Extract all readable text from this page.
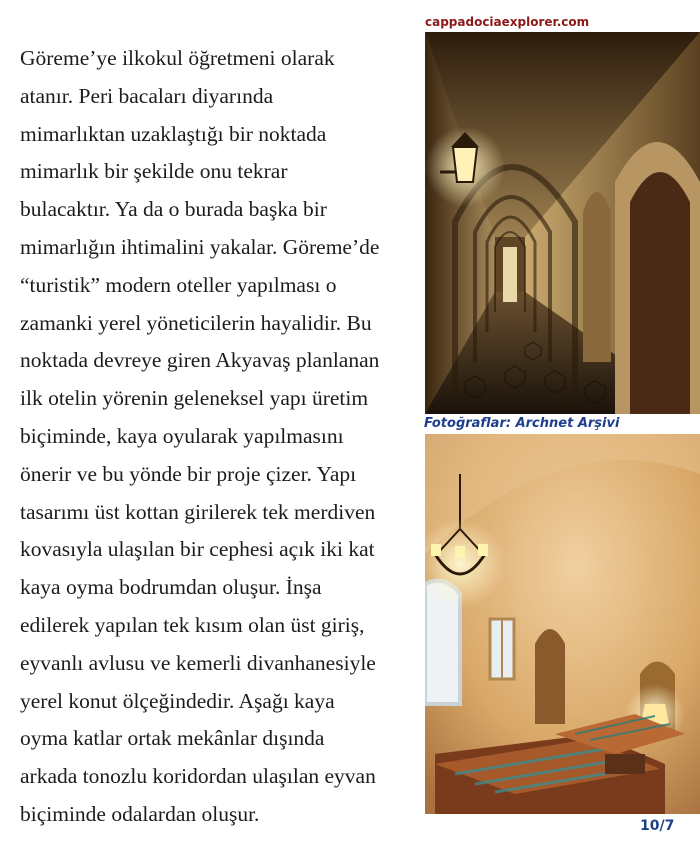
Göreme’ye ilkokul öğretmeni olarak
atanır. Peri bacaları diyarında
mimarlıktan uzaklaştığı bir noktada
mimarlık bir şekilde onu tekrar
bulacaktır. Ya da o burada başka bir
mimarlığın ihtimalini yakalar. Göreme’de
“turistik” modern oteller yapılması o
zamanki yerel yöneticilerin hayalidir. Bu
noktada devreye giren Akyavaş planlanan
ilk otelin yörenin geleneksel yapı üretim
biçiminde, kaya oyularak yapılmasını
önerir ve bu yönde bir proje çizer. Yapı
tasarımı üst kottan girilerek tek merdiven
kovasıyla ulaşılan bir cephesi açık iki kat
kaya oyma bodrumdan oluşur. İnşa
edilerek yapılan tek kısım olan üst giriş,
eyvanlı avlusu ve kemerli divanhanesiyle
yerel konut ölçeğindedir. Aşağı kaya
oyma katlar ortak mekânlar dışında
arkada tonozlu koridordan ulaşılan eyvan
biçiminde odalardan oluşur.
cappadociaexplorer.com
Fotoğraflar: Archnet Arşivi
10/7
